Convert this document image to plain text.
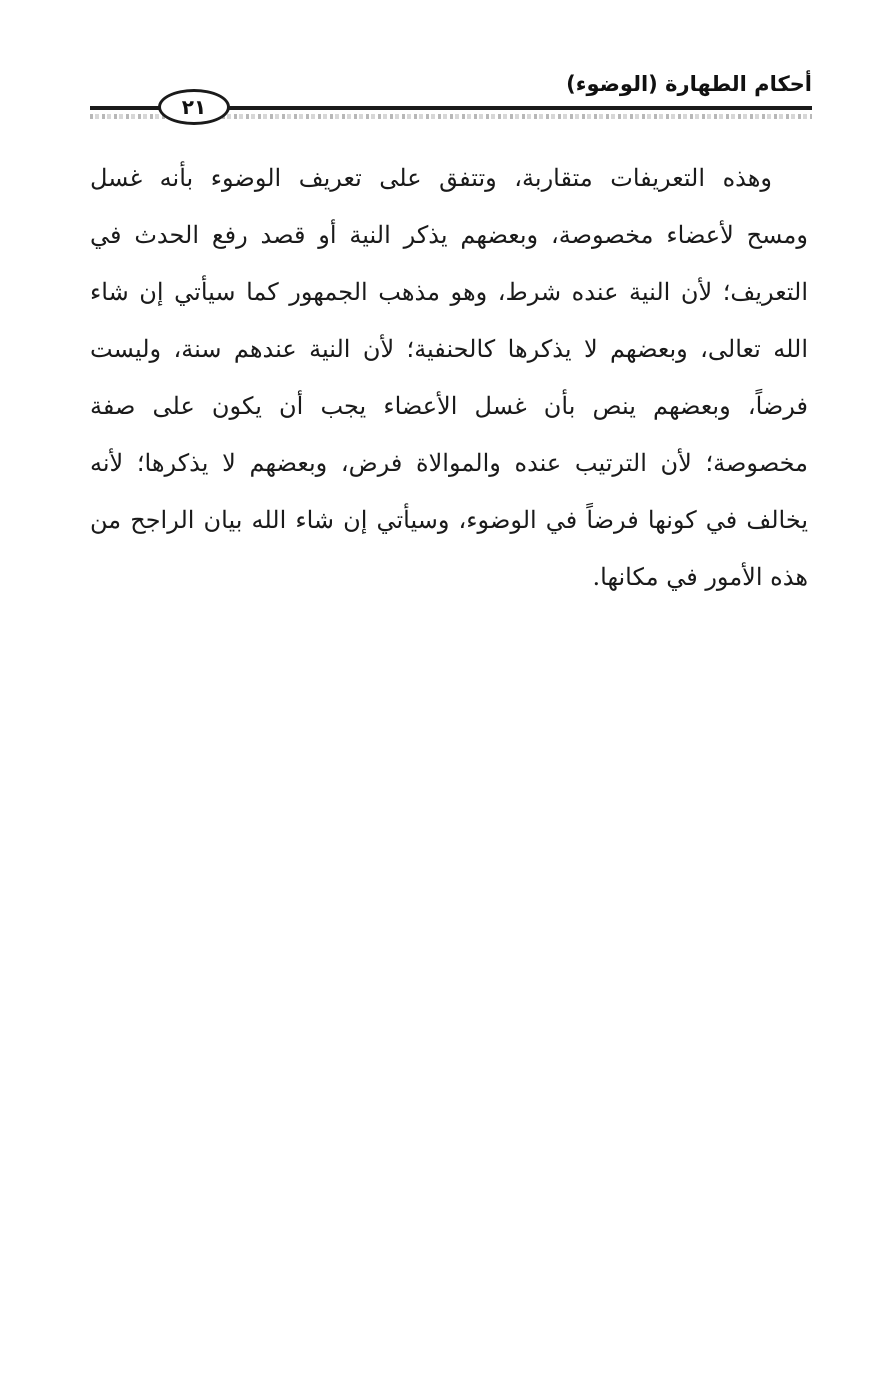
أحكام الطهارة (الوضوء)
٢١
وهذه التعريفات متقاربة، وتتفق على تعريف الوضوء بأنه غسل
ومسح لأعضاء مخصوصة، وبعضهم يذكر النية أو قصد رفع الحدث في
التعريف؛ لأن النية عنده شرط، وهو مذهب الجمهور كما سيأتي إن شاء
الله تعالى، وبعضهم لا يذكرها كالحنفية؛ لأن النية عندهم سنة، وليست
فرضاً، وبعضهم ينص بأن غسل الأعضاء يجب أن يكون على صفة
مخصوصة؛ لأن الترتيب عنده والموالاة فرض، وبعضهم لا يذكرها؛ لأنه
يخالف في كونها فرضاً في الوضوء، وسيأتي إن شاء الله بيان الراجح من
هذه الأمور في مكانها.
